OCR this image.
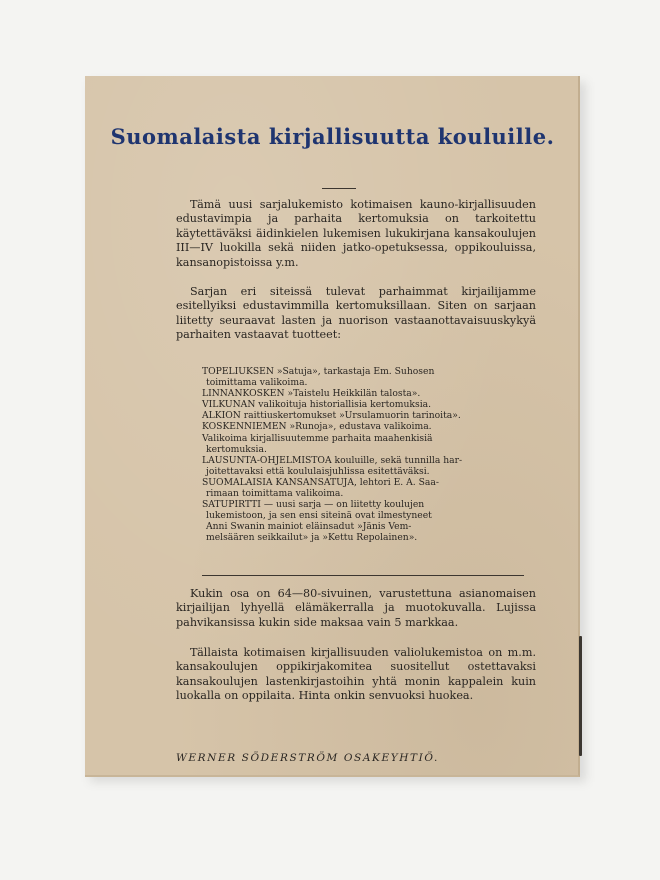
Suomalaista kirjallisuutta kouluille.

Tämä uusi sarjalukemisto kotimaisen kauno-kirjallisuuden edustavimpia ja parhaita kertomuksia on tarkoitettu käytettäväksi äidinkielen lukemisen lukukirjana kansakoulujen III—IV luokilla sekä niiden jatko-opetuksessa, oppikouluissa, kansanopistoissa y.m.

Sarjan eri siteissä tulevat parhaimmat kirjailijamme esitellyiksi edustavimmilla kertomuksillaan. Siten on sarjaan liitetty seuraavat lasten ja nuorison vastaanottavaisuuskykyä parhaiten vastaavat tuotteet:

TOPELIUKSEN »Satuja», tarkastaja Em. Suhosen
toimittama valikoima.
LINNANKOSKEN »Taistelu Heikkilän talosta».
VILKUNAN valikoituja historiallisia kertomuksia.
ALKION raittiuskertomukset »Ursulamuorin tarinoita».
KOSKENNIEMEN »Runoja», edustava valikoima.
Valikoima kirjallisuutemme parhaita maahenkisiä
kertomuksia.
LAUSUNTA-OHJELMISTOA kouluille, sekä tunnilla har-
joitettavaksi että koululaisjuhlissa esitettäväksi.
SUOMALAISIA KANSANSATUJA, lehtori E. A. Saa-
rimaan toimittama valikoima.
SATUPIRTTI — uusi sarja — on liitetty koulujen
lukemistoon, ja sen ensi siteinä ovat ilmestyneet
Anni Swanin mainiot eläinsadut »Jänis Vem-
melsäären seikkailut» ja »Kettu Repolainen».

Kukin osa on 64—80-sivuinen, varustettuna asianomaisen kirjailijan lyhyellä elämäkerralla ja muotokuvalla. Lujissa pahvikansissa kukin side maksaa vain 5 markkaa.

Tällaista kotimaisen kirjallisuuden valiolukemistoa on m.m. kansakoulujen oppikirjakomitea suositellut ostettavaksi kansakoulujen lastenkirjastoihin yhtä monin kappalein kuin luokalla on oppilaita. Hinta onkin senvuoksi huokea.

WERNER SÖDERSTRÖM OSAKEYHTIÖ.
